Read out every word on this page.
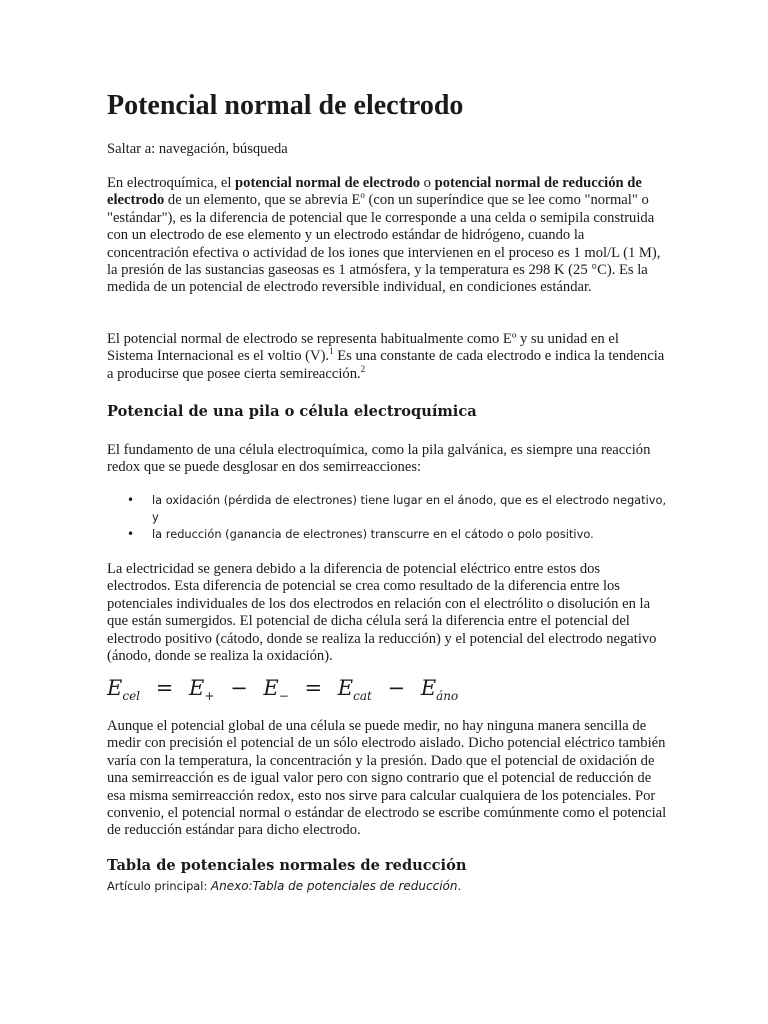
Potencial normal de electrodo

Saltar a: navegación, búsqueda

En electroquímica, el potencial normal de electrodo o potencial normal de reducción de electrodo de un elemento, que se abrevia $E^o$ (con un superíndice que se lee como "normal" o "estándar"), es la diferencia de potencial que le corresponde a una celda o semipila construida con un electrodo de ese elemento y un electrodo estándar de hidrógeno, cuando la concentración efectiva o actividad de los iones que intervienen en el proceso es 1 mol/L (1 M), la presión de las sustancias gaseosas es 1 atmósfera, y la temperatura es 298 K (25 °C). Es la medida de un potencial de electrodo reversible individual, en condiciones estándar.

El potencial normal de electrodo se representa habitualmente como Eº y su unidad en el Sistema Internacional es el voltio (V).$^1$ Es una constante de cada electrodo e indica la tendencia a producirse que posee cierta semireacción.$^2$

Potencial de una pila o célula electroquímica

El fundamento de una célula electroquímica, como la pila galvánica, es siempre una reacción redox que se puede desglosar en dos semirreacciones:

• la oxidación (pérdida de electrones) tiene lugar en el ánodo, que es el electrodo negativo, y
• la reducción (ganancia de electrones) transcurre en el cátodo o polo positivo.

La electricidad se genera debido a la diferencia de potencial eléctrico entre estos dos electrodos. Esta diferencia de potencial se crea como resultado de la diferencia entre los potenciales individuales de los dos electrodos en relación con el electrólito o disolución en la que están sumergidos. El potencial de dicha célula será la diferencia entre el potencial del electrodo positivo (cátodo, donde se realiza la reducción) y el potencial del electrodo negativo (ánodo, donde se realiza la oxidación).

$E_{cel} = E_+ - E_- = E_{cat} - E_{áno}$

Aunque el potencial global de una célula se puede medir, no hay ninguna manera sencilla de medir con precisión el potencial de un sólo electrodo aislado. Dicho potencial eléctrico también varía con la temperatura, la concentración y la presión. Dado que el potencial de oxidación de una semirreacción es de igual valor pero con signo contrario que el potencial de reducción de esa misma semirreacción redox, esto nos sirve para calcular cualquiera de los potenciales. Por convenio, el potencial normal o estándar de electrodo se escribe comúnmente como el potencial de reducción estándar para dicho electrodo.

Tabla de potenciales normales de reducción

Artículo principal: Anexo:Tabla de potenciales de reducción.
